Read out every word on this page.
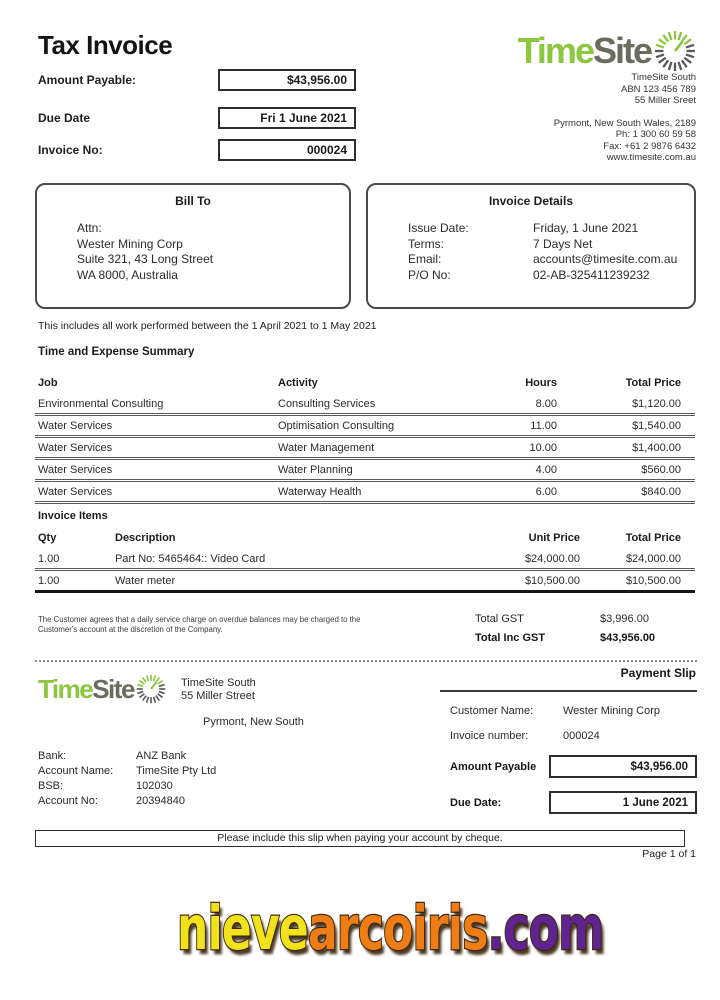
Tax Invoice
Amount Payable:	$43,956.00
Due Date	Fri 1 June 2021
Invoice No:	000024
TimeSite
TimeSite South
ABN 123 456 789
55 Miller Sreet
Pyrmont, New South Wales, 2189
Ph: 1 300 60 59 58
Fax: +61 2 9876 6432
www.timesite.com.au
Bill To
Attn:
Wester Mining Corp
Suite 321, 43 Long Street
WA 8000, Australia
Invoice Details
Issue Date:	Friday, 1 June 2021
Terms:	7 Days Net
Email:	accounts@timesite.com.au
P/O No:	02-AB-325411239232
This includes all work performed between the 1 April 2021 to 1 May 2021
Time and Expense Summary
Job	Activity	Hours	Total Price
Environmental Consulting	Consulting Services	8.00	$1,120.00
Water Services	Optimisation Consulting	11.00	$1,540.00
Water Services	Water Management	10.00	$1,400.00
Water Services	Water Planning	4.00	$560.00
Water Services	Waterway Health	6.00	$840.00
Invoice Items
Qty	Description	Unit Price	Total Price
1.00	Part No: 5465464:: Video Card	$24,000.00	$24,000.00
1.00	Water meter	$10,500.00	$10,500.00
The Customer agrees that a daily service charge on overdue balances may be charged to the Customer's account at the discretion of the Company.
Total GST	$3,996.00
Total Inc GST	$43,956.00
Payment Slip
TimeSite	TimeSite South
55 Miller Street
Pyrmont, New South
Bank:	ANZ Bank
Account Name:	TimeSite Pty Ltd
BSB:	102030
Account No:	20394840
Customer Name:	Wester Mining Corp
Invoice number:	000024
Amount Payable	$43,956.00
Due Date:	1 June 2021
Please include this slip when paying your account by cheque.
Page 1 of 1
nievearcoiris.com
